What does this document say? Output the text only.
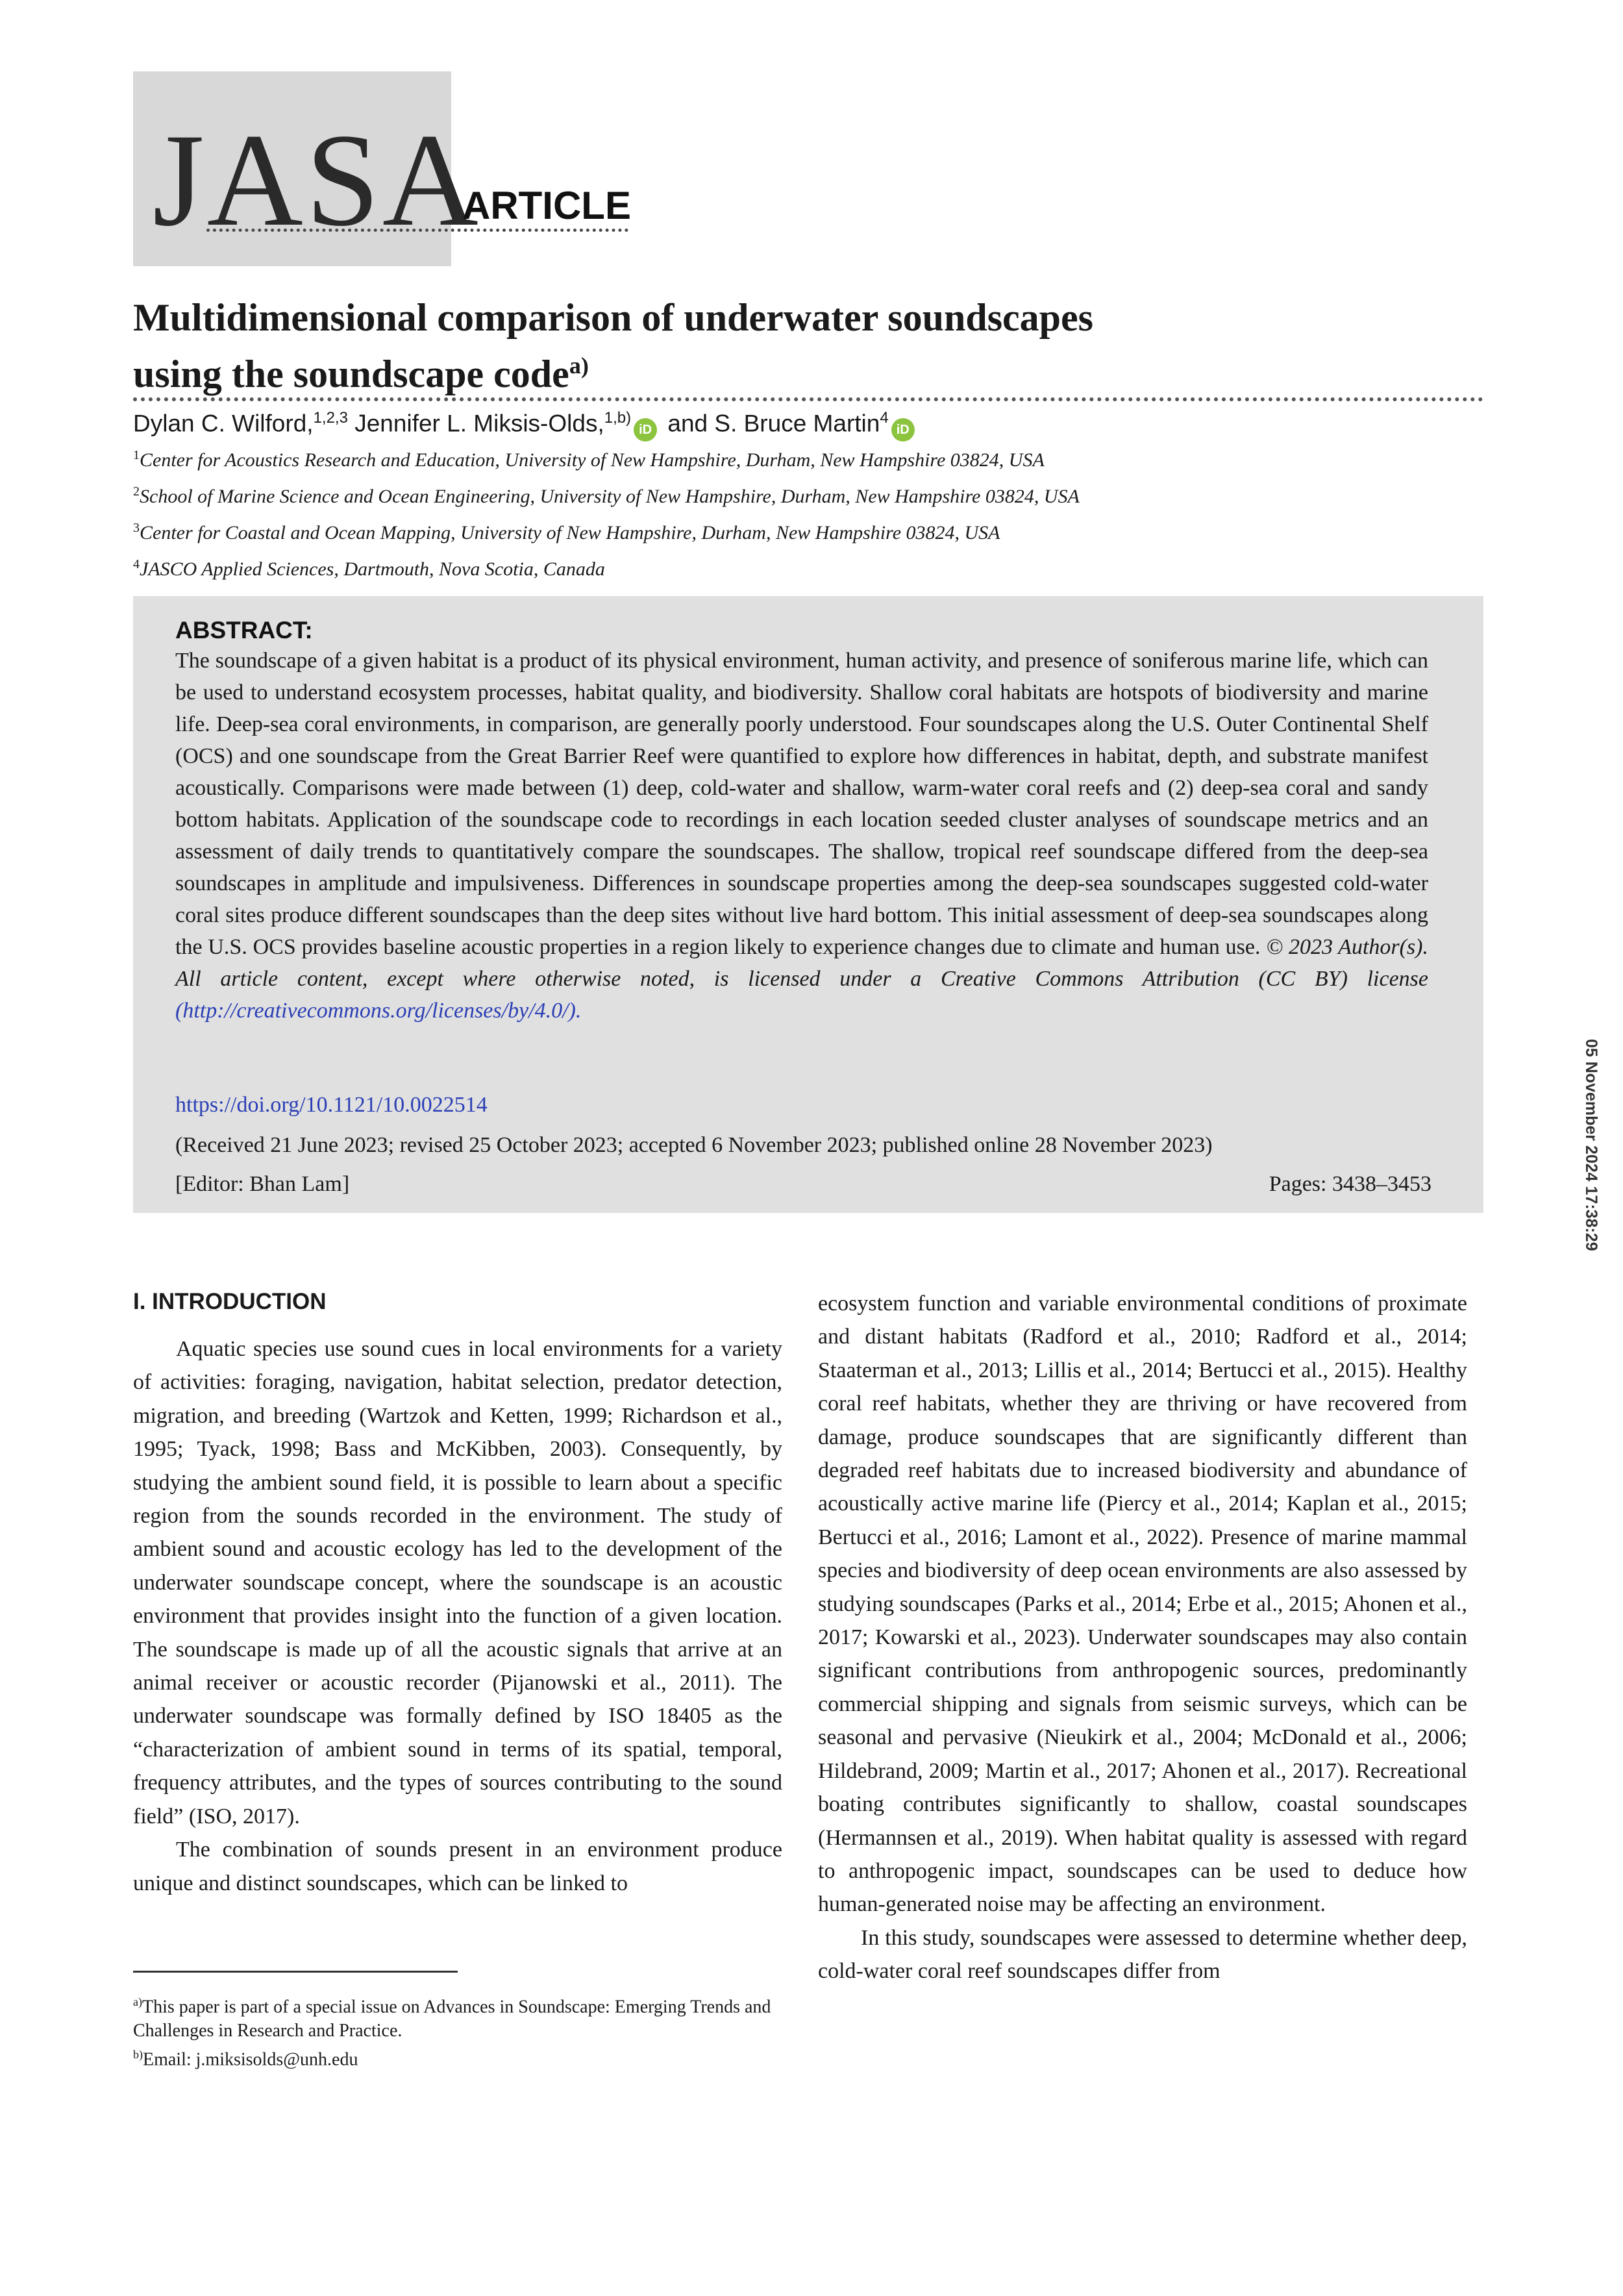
JASA
ARTICLE
Multidimensional comparison of underwater soundscapes
using the soundscape code$^{a)}$
Dylan C. Wilford,$^{1,2,3}$ Jennifer L. Miksis-Olds,$^{1,b)}$iD and S. Bruce Martin$^4$iD
$^1$Center for Acoustics Research and Education, University of New Hampshire, Durham, New Hampshire 03824, USA
$^2$School of Marine Science and Ocean Engineering, University of New Hampshire, Durham, New Hampshire 03824, USA
$^3$Center for Coastal and Ocean Mapping, University of New Hampshire, Durham, New Hampshire 03824, USA
$^4$JASCO Applied Sciences, Dartmouth, Nova Scotia, Canada
ABSTRACT:
The soundscape of a given habitat is a product of its physical environment, human activity, and presence of soniferous marine life, which can be used to understand ecosystem processes, habitat quality, and biodiversity. Shallow coral habitats are hotspots of biodiversity and marine life. Deep-sea coral environments, in comparison, are generally poorly understood. Four soundscapes along the U.S. Outer Continental Shelf (OCS) and one soundscape from the Great Barrier Reef were quantified to explore how differences in habitat, depth, and substrate manifest acoustically. Comparisons were made between (1) deep, cold-water and shallow, warm-water coral reefs and (2) deep-sea coral and sandy bottom habitats. Application of the soundscape code to recordings in each location seeded cluster analyses of soundscape metrics and an assessment of daily trends to quantitatively compare the soundscapes. The shallow, tropical reef soundscape differed from the deep-sea soundscapes in amplitude and impulsiveness. Differences in soundscape properties among the deep-sea soundscapes suggested cold-water coral sites produce different soundscapes than the deep sites without live hard bottom. This initial assessment of deep-sea soundscapes along the U.S. OCS provides baseline acoustic properties in a region likely to experience changes due to climate and human use. © 2023 Author(s). All article content, except where otherwise noted, is licensed under a Creative Commons Attribution (CC BY) license (http://creativecommons.org/licenses/by/4.0/).
https://doi.org/10.1121/10.0022514
(Received 21 June 2023; revised 25 October 2023; accepted 6 November 2023; published online 28 November 2023)
[Editor: Bhan Lam]	Pages: 3438–3453	05 November 2024 17:38:29
I. INTRODUCTION

Aquatic species use sound cues in local environments for a variety of activities: foraging, navigation, habitat selection, predator detection, migration, and breeding (Wartzok and Ketten, 1999; Richardson et al., 1995; Tyack, 1998; Bass and McKibben, 2003). Consequently, by studying the ambient sound field, it is possible to learn about a specific region from the sounds recorded in the environment. The study of ambient sound and acoustic ecology has led to the development of the underwater soundscape concept, where the soundscape is an acoustic environment that provides insight into the function of a given location. The soundscape is made up of all the acoustic signals that arrive at an animal receiver or acoustic recorder (Pijanowski et al., 2011). The underwater soundscape was formally defined by ISO 18405 as the “characterization of ambient sound in terms of its spatial, temporal, frequency attributes, and the types of sources contributing to the sound field” (ISO, 2017).

The combination of sounds present in an environment produce unique and distinct soundscapes, which can be linked to

ecosystem function and variable environmental conditions of proximate and distant habitats (Radford et al., 2010; Radford et al., 2014; Staaterman et al., 2013; Lillis et al., 2014; Bertucci et al., 2015). Healthy coral reef habitats, whether they are thriving or have recovered from damage, produce soundscapes that are significantly different than degraded reef habitats due to increased biodiversity and abundance of acoustically active marine life (Piercy et al., 2014; Kaplan et al., 2015; Bertucci et al., 2016; Lamont et al., 2022). Presence of marine mammal species and biodiversity of deep ocean environments are also assessed by studying soundscapes (Parks et al., 2014; Erbe et al., 2015; Ahonen et al., 2017; Kowarski et al., 2023). Underwater soundscapes may also contain significant contributions from anthropogenic sources, predominantly commercial shipping and signals from seismic surveys, which can be seasonal and pervasive (Nieukirk et al., 2004; McDonald et al., 2006; Hildebrand, 2009; Martin et al., 2017; Ahonen et al., 2017). Recreational boating contributes significantly to shallow, coastal soundscapes (Hermannsen et al., 2019). When habitat quality is assessed with regard to anthropogenic impact, soundscapes can be used to deduce how human-generated noise may be affecting an environment.

In this study, soundscapes were assessed to determine whether deep, cold-water coral reef soundscapes differ from

$^{a)}$This paper is part of a special issue on Advances in Soundscape: Emerging Trends and Challenges in Research and Practice.

$^{b)}$Email: j.miksisolds@unh.edu
